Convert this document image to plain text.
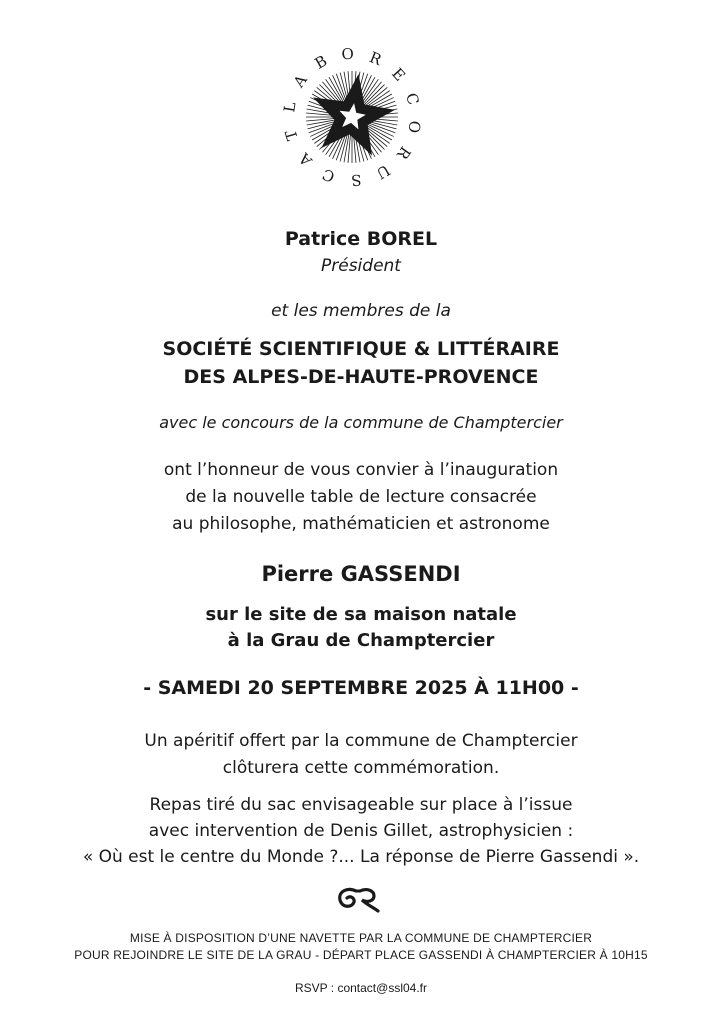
L
A
B O R
E
C
O
R
U
S
C
A
T
Patrice BOREL
Président
et les membres de la
SOCIÉTÉ SCIENTIFIQUE & LITTÉRAIRE
DES ALPES-DE-HAUTE-PROVENCE
avec le concours de la commune de Champtercier
ont l’honneur de vous convier à l’inauguration
de la nouvelle table de lecture consacrée
au philosophe, mathématicien et astronome
Pierre GASSENDI
sur le site de sa maison natale
à la Grau de Champtercier
- SAMEDI 20 SEPTEMBRE 2025 À 11H00 -
Un apéritif offert par la commune de Champtercier
clôturera cette commémoration.
Repas tiré du sac envisageable sur place à l’issue
avec intervention de Denis Gillet, astrophysicien :
« Où est le centre du Monde ?... La réponse de Pierre Gassendi ».
MISE À DISPOSITION D’UNE NAVETTE PAR LA COMMUNE DE CHAMPTERCIER
POUR REJOINDRE LE SITE DE LA GRAU - DÉPART PLACE GASSENDI À CHAMPTERCIER À 10H15
RSVP : contact@ssl04.fr
